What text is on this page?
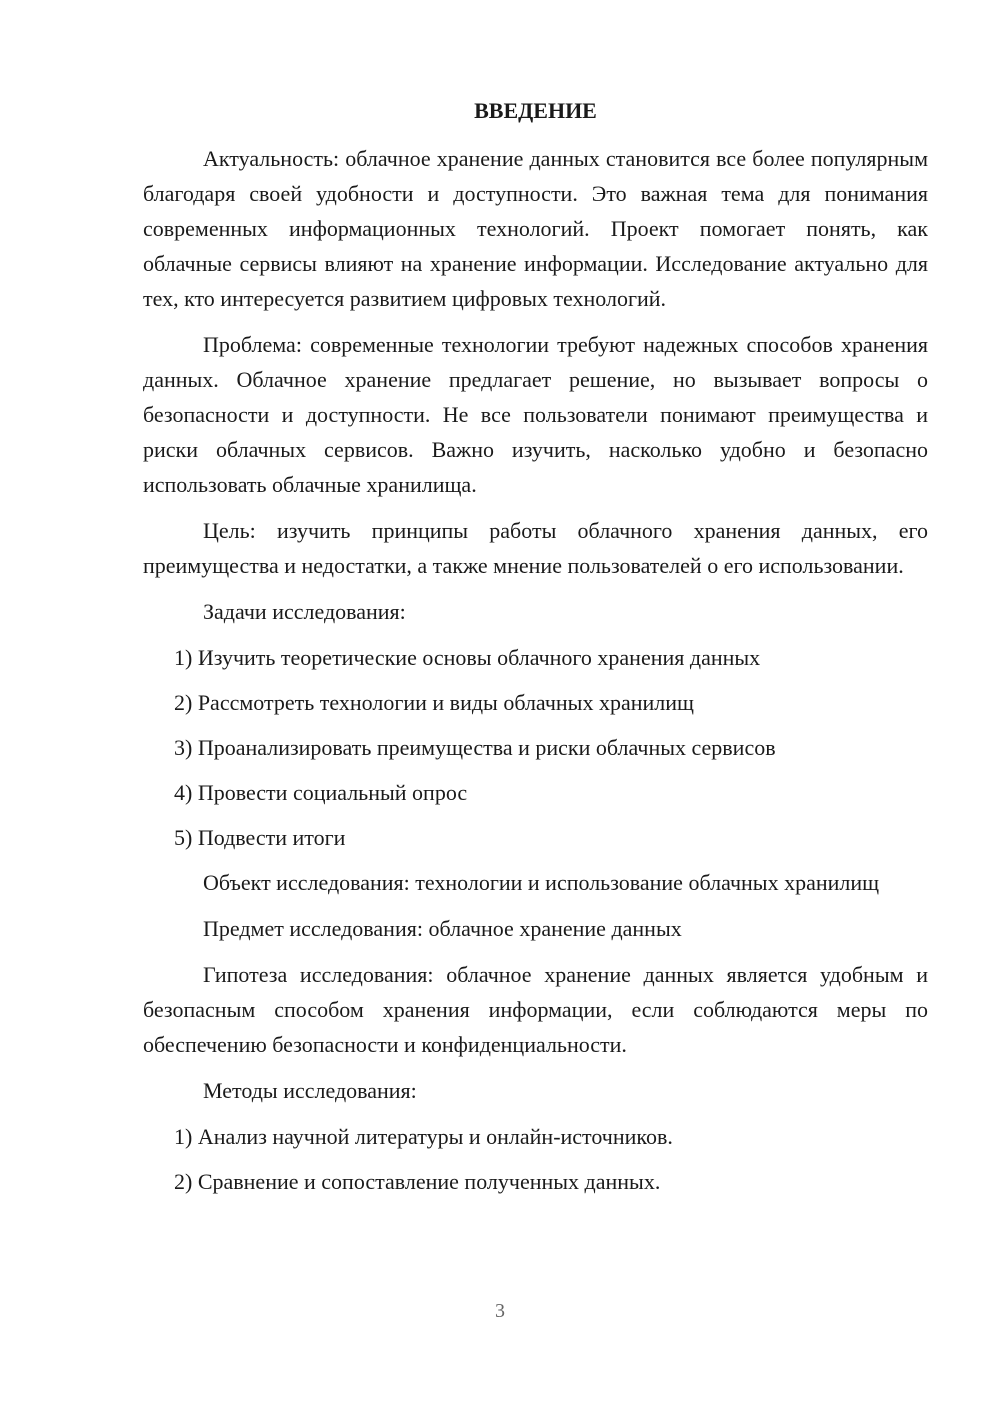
ВВЕДЕНИЕ

Актуальность: облачное хранение данных становится все более популярным благодаря своей удобности и доступности. Это важная тема для понимания современных информационных технологий. Проект помогает понять, как облачные сервисы влияют на хранение информации. Исследование актуально для тех, кто интересуется развитием цифровых технологий.

Проблема: современные технологии требуют надежных способов хранения данных. Облачное хранение предлагает решение, но вызывает вопросы о безопасности и доступности. Не все пользователи понимают преимущества и риски облачных сервисов. Важно изучить, насколько удобно и безопасно использовать облачные хранилища.

Цель: изучить принципы работы облачного хранения данных, его преимущества и недостатки, а также мнение пользователей о его использовании.

Задачи исследования:

1) Изучить теоретические основы облачного хранения данных
2) Рассмотреть технологии и виды облачных хранилищ
3) Проанализировать преимущества и риски облачных сервисов
4) Провести социальный опрос
5) Подвести итоги

Объект исследования: технологии и использование облачных хранилищ

Предмет исследования: облачное хранение данных

Гипотеза исследования: облачное хранение данных является удобным и безопасным способом хранения информации, если соблюдаются меры по обеспечению безопасности и конфиденциальности.

Методы исследования:

1) Анализ научной литературы и онлайн-источников.
2) Сравнение и сопоставление полученных данных.
3
